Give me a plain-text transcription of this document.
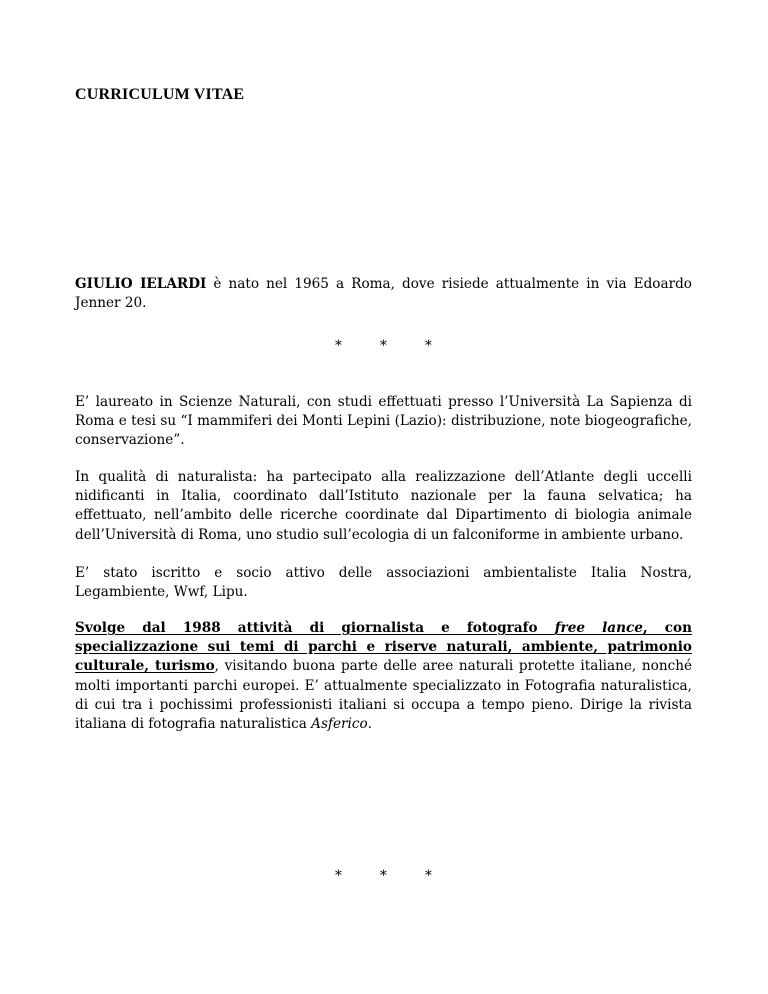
CURRICULUM VITAE

GIULIO IELARDI è nato nel 1965 a Roma, dove risiede attualmente in via Edoardo Jenner 20.

*	*	*

E’ laureato in Scienze Naturali, con studi effettuati presso l’Università La Sapienza di Roma e tesi su “I mammiferi dei Monti Lepini (Lazio): distribuzione, note biogeografiche, conservazione”.

In qualità di naturalista: ha partecipato alla realizzazione dell’Atlante degli uccelli nidificanti in Italia, coordinato dall’Istituto nazionale per la fauna selvatica; ha effettuato, nell’ambito delle ricerche coordinate dal Dipartimento di biologia animale dell’Università di Roma, uno studio sull’ecologia di un falconiforme in ambiente urbano.

E’ stato iscritto e socio attivo delle associazioni ambientaliste Italia Nostra, Legambiente, Wwf, Lipu.

Svolge dal 1988 attività di giornalista e fotografo free lance, con specializzazione sui temi di parchi e riserve naturali, ambiente, patrimonio culturale, turismo, visitando buona parte delle aree naturali protette italiane, nonché molti importanti parchi europei. E’ attualmente specializzato in Fotografia naturalistica, di cui tra i pochissimi professionisti italiani si occupa a tempo pieno. Dirige la rivista italiana di fotografia naturalistica Asferico.

*	*	*
